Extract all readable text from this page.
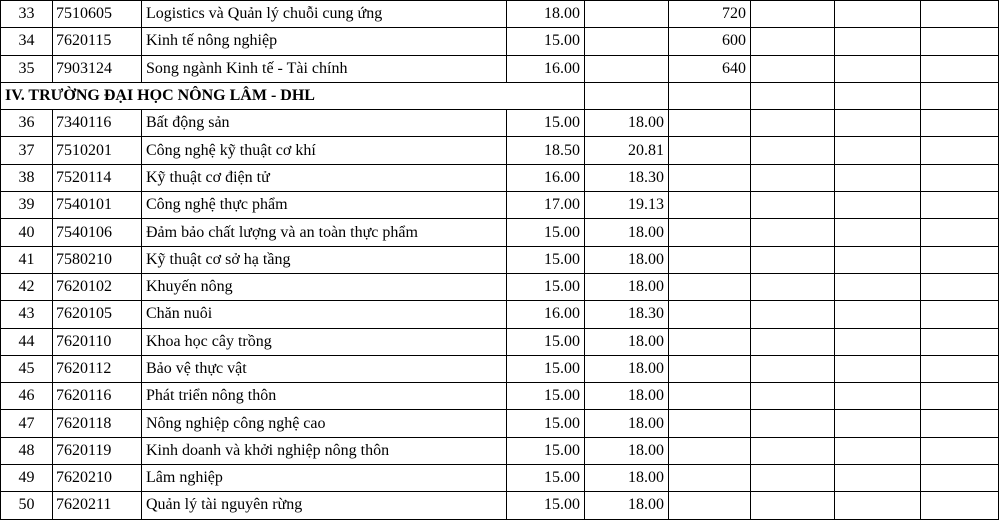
33	7510605	Logistics và Quản lý chuỗi cung ứng	18.00		720			
34	7620115	Kinh tế nông nghiệp	15.00		600			
35	7903124	Song ngành Kinh tế - Tài chính	16.00		640			
IV. TRƯỜNG ĐẠI HỌC NÔNG LÂM - DHL								
36	7340116	Bất động sản	15.00	18.00				
37	7510201	Công nghệ kỹ thuật cơ khí	18.50	20.81				
38	7520114	Kỹ thuật cơ điện tử	16.00	18.30				
39	7540101	Công nghệ thực phẩm	17.00	19.13				
40	7540106	Đảm bảo chất lượng và an toàn thực phẩm	15.00	18.00				
41	7580210	Kỹ thuật cơ sở hạ tầng	15.00	18.00				
42	7620102	Khuyến nông	15.00	18.00				
43	7620105	Chăn nuôi	16.00	18.30				
44	7620110	Khoa học cây trồng	15.00	18.00				
45	7620112	Bảo vệ thực vật	15.00	18.00				
46	7620116	Phát triển nông thôn	15.00	18.00				
47	7620118	Nông nghiệp công nghệ cao	15.00	18.00				
48	7620119	Kinh doanh và khởi nghiệp nông thôn	15.00	18.00				
49	7620210	Lâm nghiệp	15.00	18.00				
50	7620211	Quản lý tài nguyên rừng	15.00	18.00				
